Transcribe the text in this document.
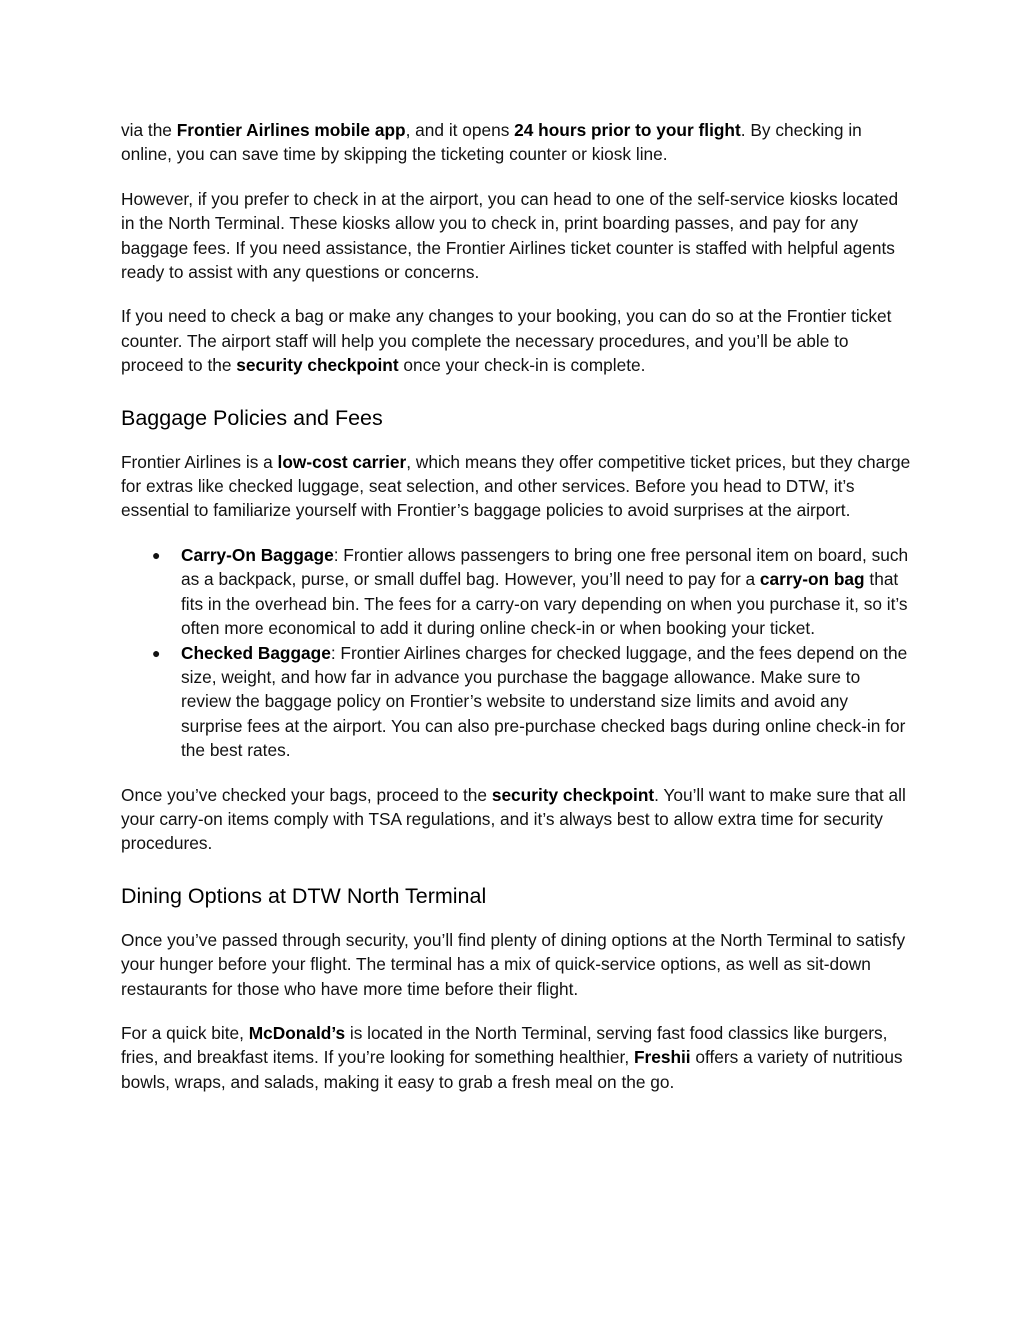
via the Frontier Airlines mobile app, and it opens 24 hours prior to your flight. By checking in online, you can save time by skipping the ticketing counter or kiosk line.

However, if you prefer to check in at the airport, you can head to one of the self-service kiosks located in the North Terminal. These kiosks allow you to check in, print boarding passes, and pay for any baggage fees. If you need assistance, the Frontier Airlines ticket counter is staffed with helpful agents ready to assist with any questions or concerns.

If you need to check a bag or make any changes to your booking, you can do so at the Frontier ticket counter. The airport staff will help you complete the necessary procedures, and you’ll be able to proceed to the security checkpoint once your check-in is complete.

Baggage Policies and Fees

Frontier Airlines is a low-cost carrier, which means they offer competitive ticket prices, but they charge for extras like checked luggage, seat selection, and other services. Before you head to DTW, it’s essential to familiarize yourself with Frontier’s baggage policies to avoid surprises at the airport.

● Carry-On Baggage: Frontier allows passengers to bring one free personal item on board, such as a backpack, purse, or small duffel bag. However, you’ll need to pay for a carry-on bag that fits in the overhead bin. The fees for a carry-on vary depending on when you purchase it, so it’s often more economical to add it during online check-in or when booking your ticket.
● Checked Baggage: Frontier Airlines charges for checked luggage, and the fees depend on the size, weight, and how far in advance you purchase the baggage allowance. Make sure to review the baggage policy on Frontier’s website to understand size limits and avoid any surprise fees at the airport. You can also pre-purchase checked bags during online check-in for the best rates.

Once you’ve checked your bags, proceed to the security checkpoint. You’ll want to make sure that all your carry-on items comply with TSA regulations, and it’s always best to allow extra time for security procedures.

Dining Options at DTW North Terminal

Once you’ve passed through security, you’ll find plenty of dining options at the North Terminal to satisfy your hunger before your flight. The terminal has a mix of quick-service options, as well as sit-down restaurants for those who have more time before their flight.

For a quick bite, McDonald’s is located in the North Terminal, serving fast food classics like burgers, fries, and breakfast items. If you’re looking for something healthier, Freshii offers a variety of nutritious bowls, wraps, and salads, making it easy to grab a fresh meal on the go.
